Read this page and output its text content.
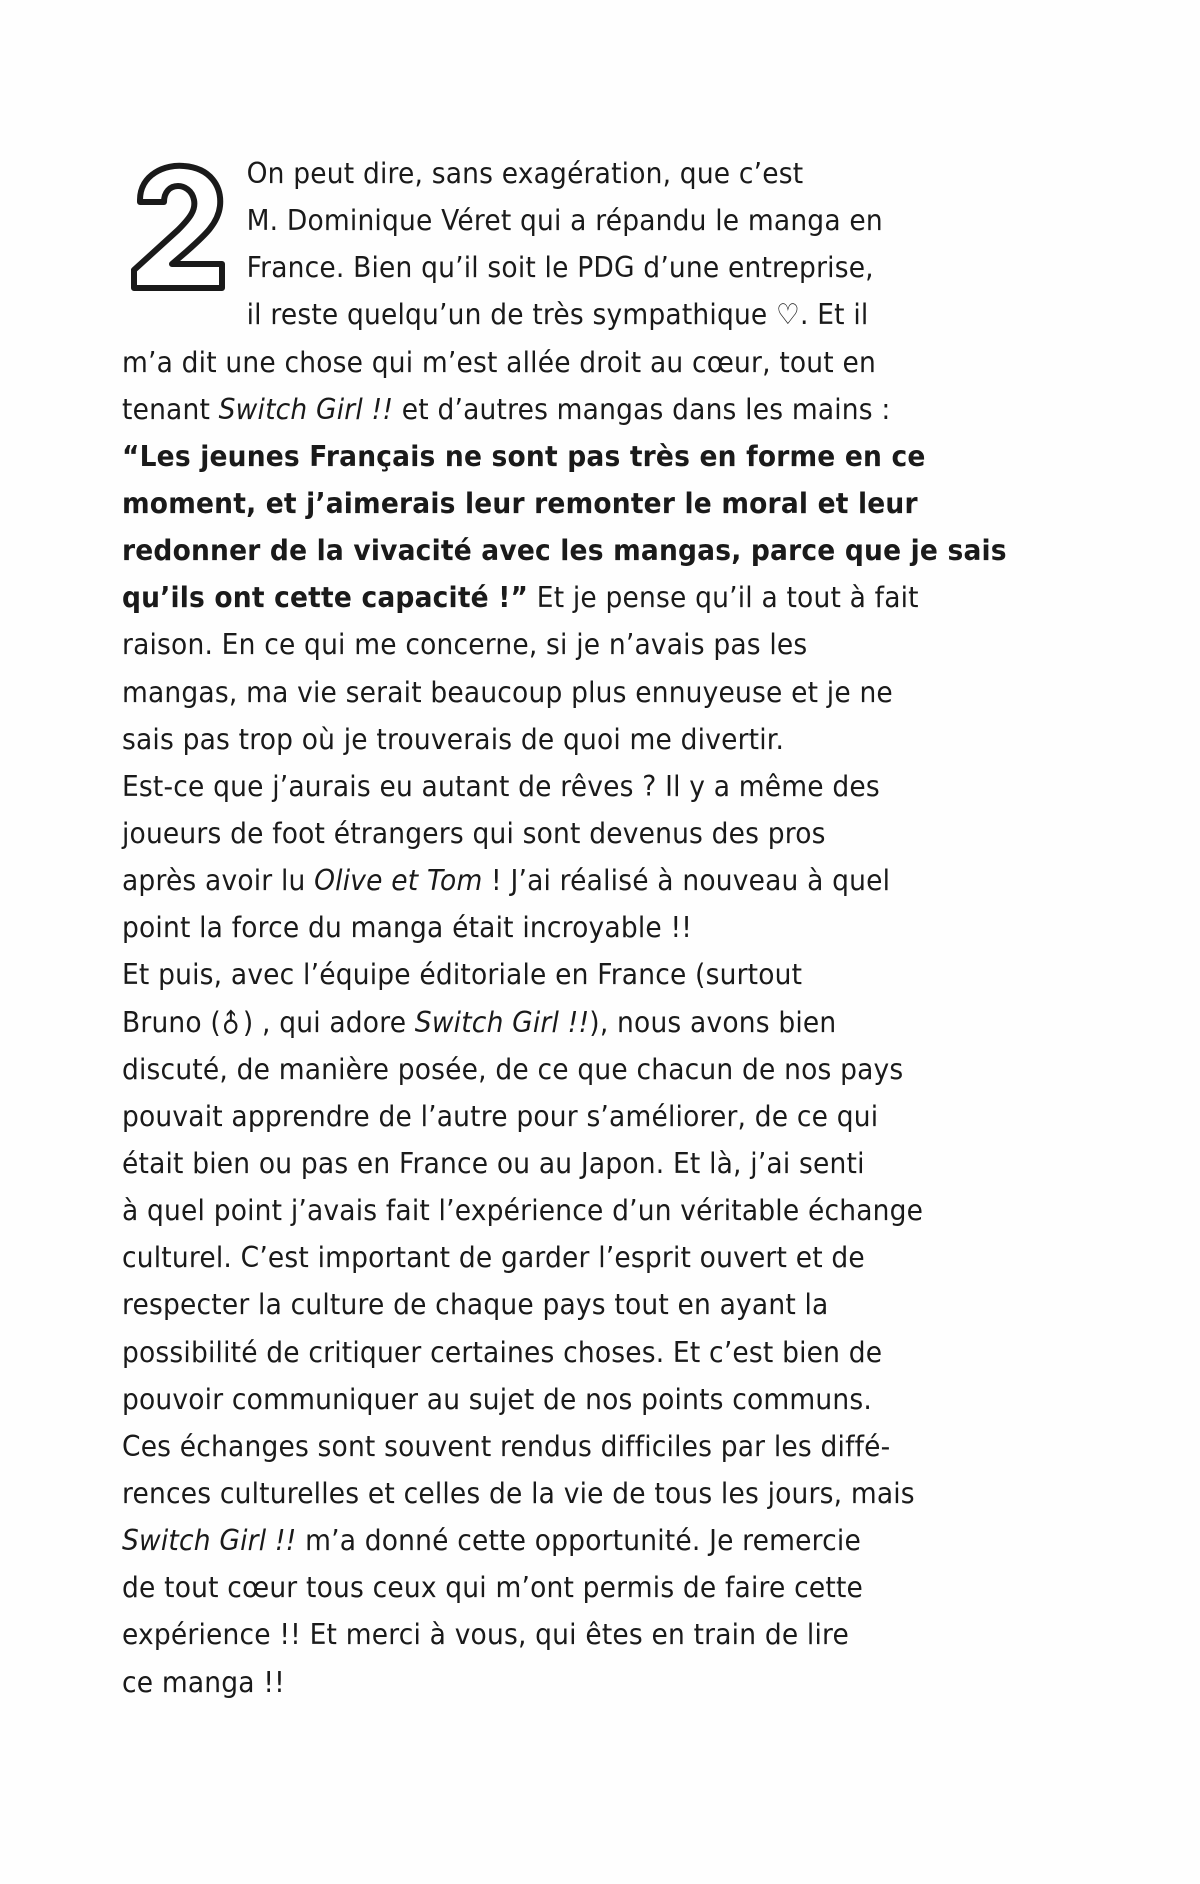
On peut dire, sans exagération, que c’est
M. Dominique Véret qui a répandu le manga en
France. Bien qu’il soit le PDG d’une entreprise,
il reste quelqu’un de très sympathique ♡. Et il
m’a dit une chose qui m’est allée droit au cœur, tout en
tenant Switch Girl !! et d’autres mangas dans les mains :
“Les jeunes Français ne sont pas très en forme en ce
moment, et j’aimerais leur remonter le moral et leur
redonner de la vivacité avec les mangas, parce que je sais
qu’ils ont cette capacité !” Et je pense qu’il a tout à fait
raison. En ce qui me concerne, si je n’avais pas les
mangas, ma vie serait beaucoup plus ennuyeuse et je ne
sais pas trop où je trouverais de quoi me divertir.
Est-ce que j’aurais eu autant de rêves ? Il y a même des
joueurs de foot étrangers qui sont devenus des pros
après avoir lu Olive et Tom ! J’ai réalisé à nouveau à quel
point la force du manga était incroyable !!
Et puis, avec l’équipe éditoriale en France (surtout
Bruno (♂) , qui adore Switch Girl !!), nous avons bien
discuté, de manière posée, de ce que chacun de nos pays
pouvait apprendre de l’autre pour s’améliorer, de ce qui
était bien ou pas en France ou au Japon. Et là, j’ai senti
à quel point j’avais fait l’expérience d’un véritable échange
culturel. C’est important de garder l’esprit ouvert et de
respecter la culture de chaque pays tout en ayant la
possibilité de critiquer certaines choses. Et c’est bien de
pouvoir communiquer au sujet de nos points communs.
Ces échanges sont souvent rendus difficiles par les diffé-
rences culturelles et celles de la vie de tous les jours, mais
Switch Girl !! m’a donné cette opportunité. Je remercie
de tout cœur tous ceux qui m’ont permis de faire cette
expérience !! Et merci à vous, qui êtes en train de lire
ce manga !!
